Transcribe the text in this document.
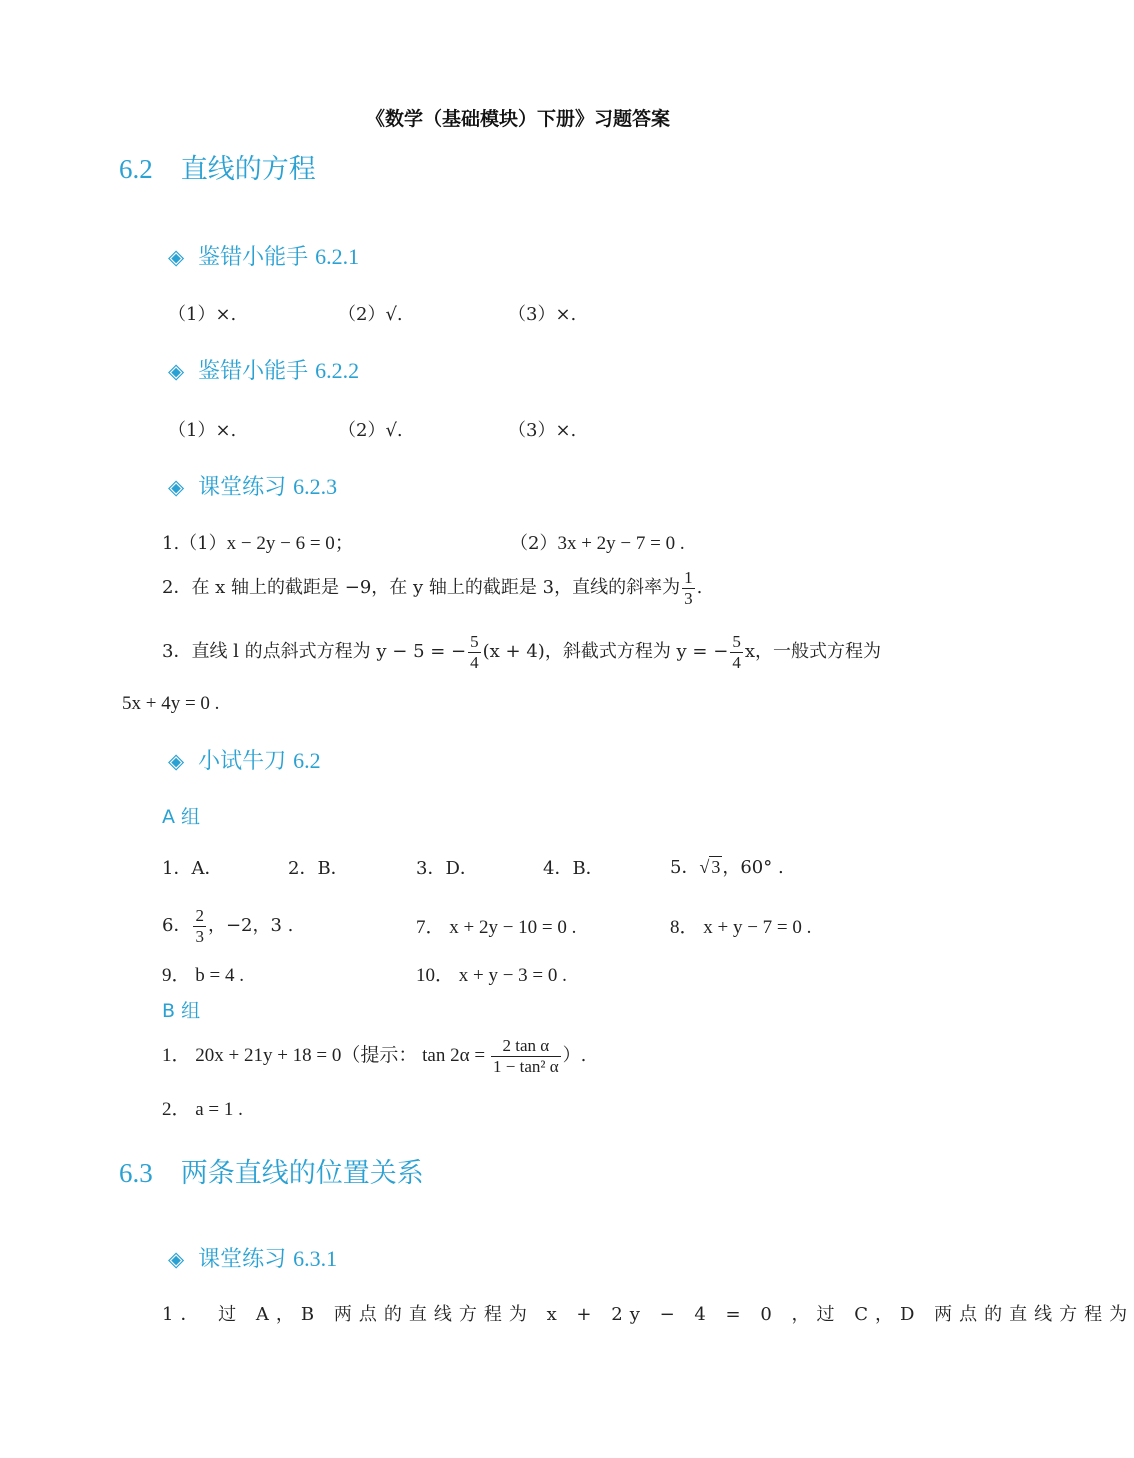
《数学（基础模块）下册》习题答案
6.2 直线的方程
◈ 鉴错小能手 6.2.1
（1）×.	（2）√.	（3）×.
◈ 鉴错小能手 6.2.2
（1）×.	（2）√.	（3）×.
◈ 课堂练习 6.2.3
1.（1）x − 2y − 6 = 0；	（2）3x + 2y − 7 = 0 .
2．在 x 轴上的截距是 −9，在 y 轴上的截距是 3，直线的斜率为 $\frac{1}{3}$ .
3．直线 l 的点斜式方程为 y − 5 = − $\frac{5}{4} (x + 4)$，斜截式方程为 y = − $\frac{5}{4}$ x，一般式方程为
5x + 4y = 0 .
◈ 小试牛刀 6.2
A 组
1．A．	2．B．	3．D．	4．B．	5．√ 3 ，60° .
6． $\frac{2}{3}$ ，−2，3 .	7． x + 2y − 10 = 0 .	8． x + y − 7 = 0 .
9． b = 4 .	10． x + y − 3 = 0 .
B 组
1． 20x + 21y + 18 = 0（提示： $\tan 2\alpha = \frac{\text{2 tan α}}{\text{1 − tan² α}}$ ）.
2． a = 1 .
6.3 两条直线的位置关系
◈ 课堂练习 6.3.1
1． 过 A，B 两点的直线方程为 x + 2y − 4 = 0 ，过 C，D 两点的直线方程为
